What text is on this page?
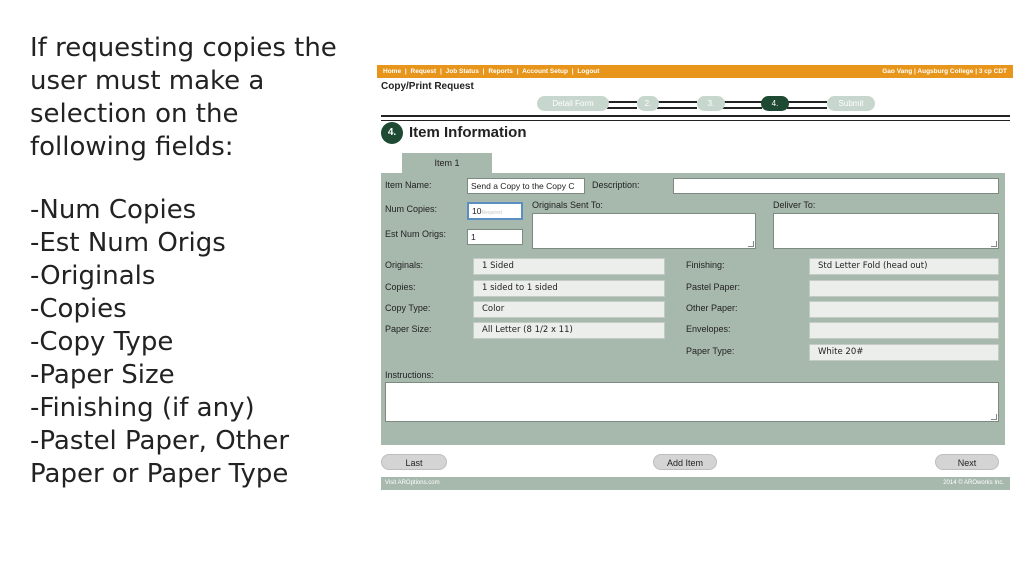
If requesting copies the
user must make a
selection on the
following fields:
-Num Copies
-Est Num Origs
-Originals
-Copies
-Copy Type
-Paper Size
-Finishing (if any)
-Pastel Paper, Other
Paper or Paper Type
Home | Request | Job Status | Reports | Account Setup | Logout	Gao Vang | Augsburg College | 3 cp CDT
Copy/Print Request
Detail Form	2.	3.	4.	Submit
4. Item Information
Item 1
Item Name:	Send a Copy to the Copy C	Description:
Num Copies:	10Required
Originals Sent To:	Deliver To:
Est Num Origs:	1
Originals:	1 Sided
Copies:	1 sided to 1 sided
Copy Type:	Color
Paper Size:	All Letter (8 1/2 x 11)
Finishing:	Std Letter Fold (head out)
Pastel Paper:
Other Paper:
Envelopes:
Paper Type:	White 20#
Instructions:
Last	Add Item	Next
Visit AROptions.com	2014 © AROworks Inc.
